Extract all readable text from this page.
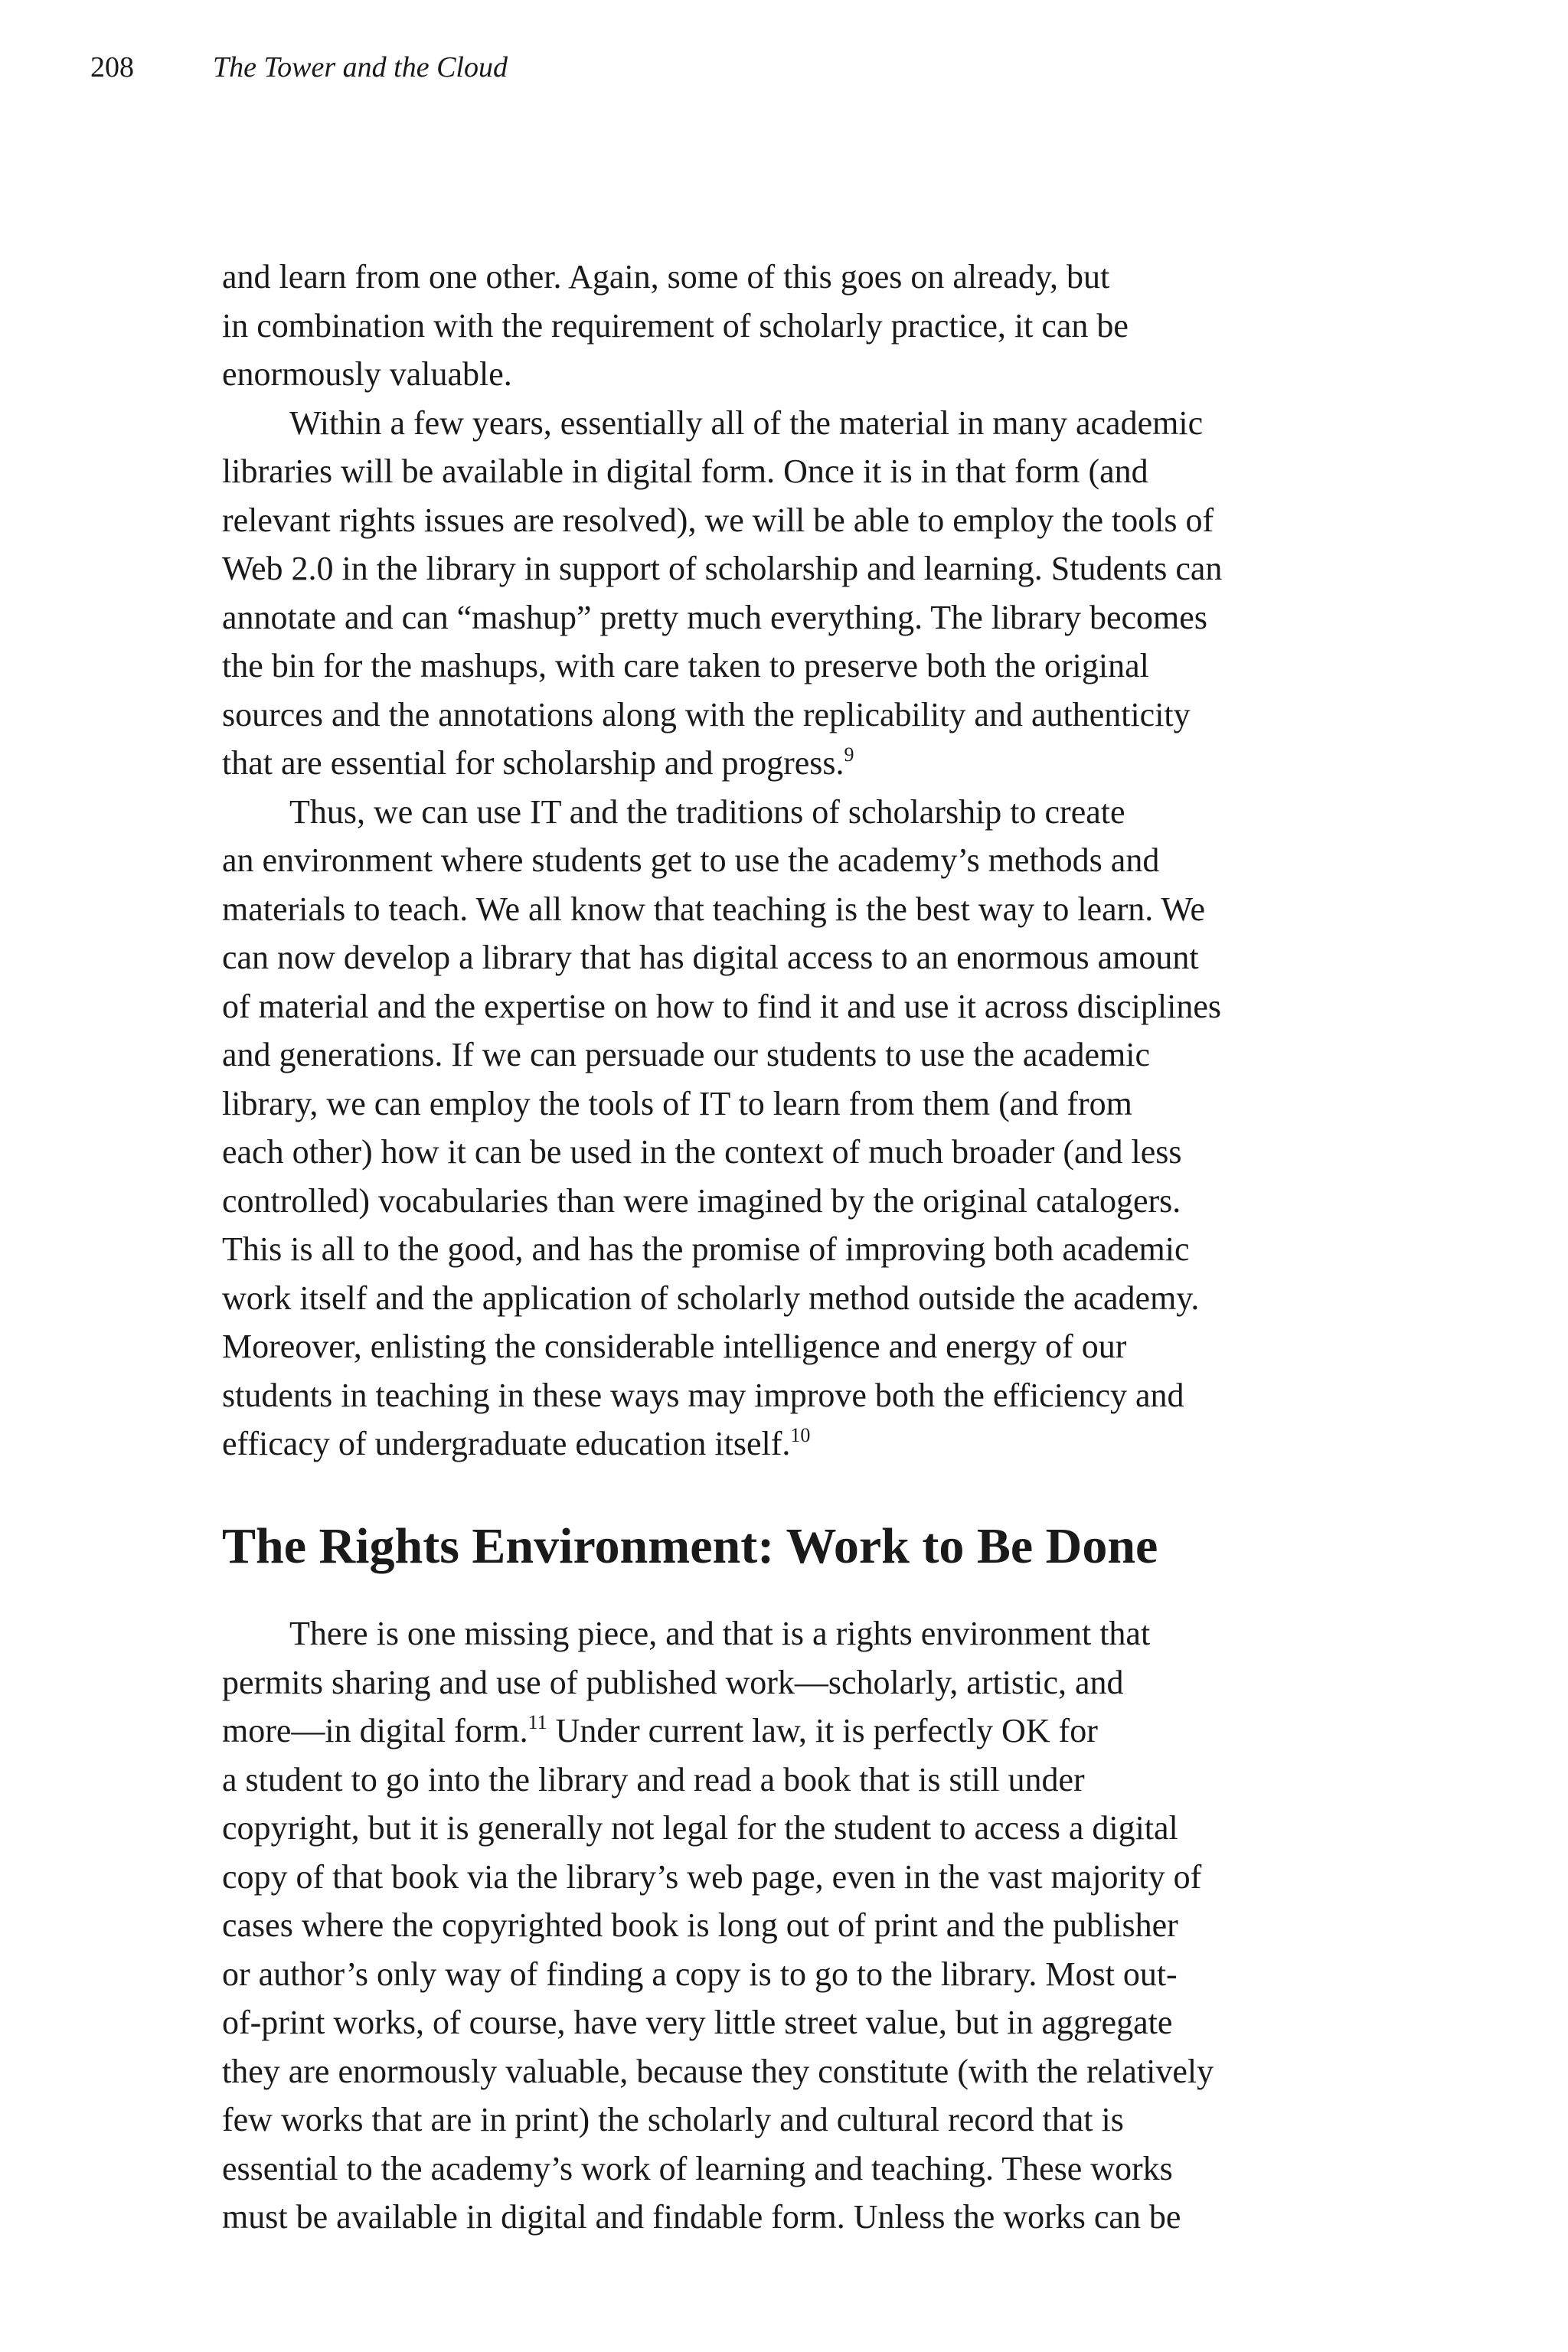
208	The Tower and the Cloud
and learn from one other. Again, some of this goes on already, but
in combination with the requirement of scholarly practice, it can be
enormously valuable.
Within a few years, essentially all of the material in many academic
libraries will be available in digital form. Once it is in that form (and
relevant rights issues are resolved), we will be able to employ the tools of
Web 2.0 in the library in support of scholarship and learning. Students can
annotate and can “mashup” pretty much everything. The library becomes
the bin for the mashups, with care taken to preserve both the original
sources and the annotations along with the replicability and authenticity
that are essential for scholarship and progress.$^9$
Thus, we can use IT and the traditions of scholarship to create
an environment where students get to use the academy’s methods and
materials to teach. We all know that teaching is the best way to learn. We
can now develop a library that has digital access to an enormous amount
of material and the expertise on how to find it and use it across disciplines
and generations. If we can persuade our students to use the academic
library, we can employ the tools of IT to learn from them (and from
each other) how it can be used in the context of much broader (and less
controlled) vocabularies than were imagined by the original catalogers.
This is all to the good, and has the promise of improving both academic
work itself and the application of scholarly method outside the academy.
Moreover, enlisting the considerable intelligence and energy of our
students in teaching in these ways may improve both the efficiency and
efficacy of undergraduate education itself.$^{10}$
The Rights Environment: Work to Be Done
There is one missing piece, and that is a rights environment that
permits sharing and use of published work—scholarly, artistic, and
more—in digital form.$^{11}$ Under current law, it is perfectly OK for
a student to go into the library and read a book that is still under
copyright, but it is generally not legal for the student to access a digital
copy of that book via the library’s web page, even in the vast majority of
cases where the copyrighted book is long out of print and the publisher
or author’s only way of finding a copy is to go to the library. Most out-
of-print works, of course, have very little street value, but in aggregate
they are enormously valuable, because they constitute (with the relatively
few works that are in print) the scholarly and cultural record that is
essential to the academy’s work of learning and teaching. These works
must be available in digital and findable form. Unless the works can be
